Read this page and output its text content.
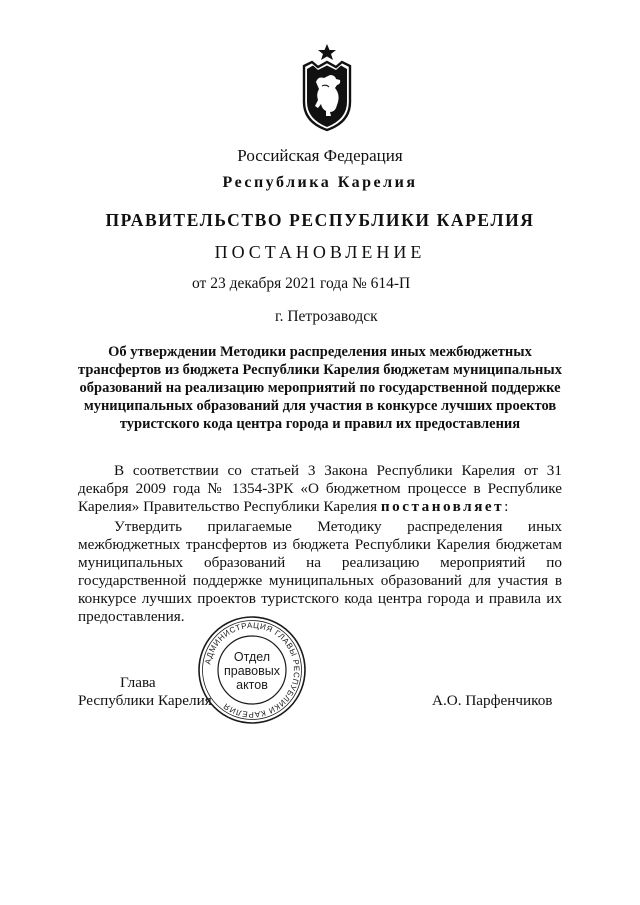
Российская Федерация
Республика Карелия
ПРАВИТЕЛЬСТВО РЕСПУБЛИКИ КАРЕЛИЯ
ПОСТАНОВЛЕНИЕ
от 23 декабря 2021 года № 614-П
г. Петрозаводск
Об утверждении Методики распределения иных межбюджетных трансфертов из бюджета Республики Карелия бюджетам муниципальных образований на реализацию мероприятий по государственной поддержке муниципальных образований для участия в конкурсе лучших проектов туристского кода центра города и правил их предоставления
В соответствии со статьей 3 Закона Республики Карелия от 31 декабря 2009 года № 1354-ЗРК «О бюджетном процессе в Республике Карелия» Правительство Республики Карелия постановляет:
Утвердить прилагаемые Методику распределения иных межбюджетных трансфертов из бюджета Республики Карелия бюджетам муниципальных образований на реализацию мероприятий по государственной поддержке муниципальных образований для участия в конкурсе лучших проектов туристского кода центра города и правила их предоставления.
Глава
Республики Карелия	А.О. Парфенчиков
АДМИНИСТРАЦИЯ ГЛАВЫ РЕСПУБЛИКИ КАРЕЛИЯ
Отдел
правовых
актов
